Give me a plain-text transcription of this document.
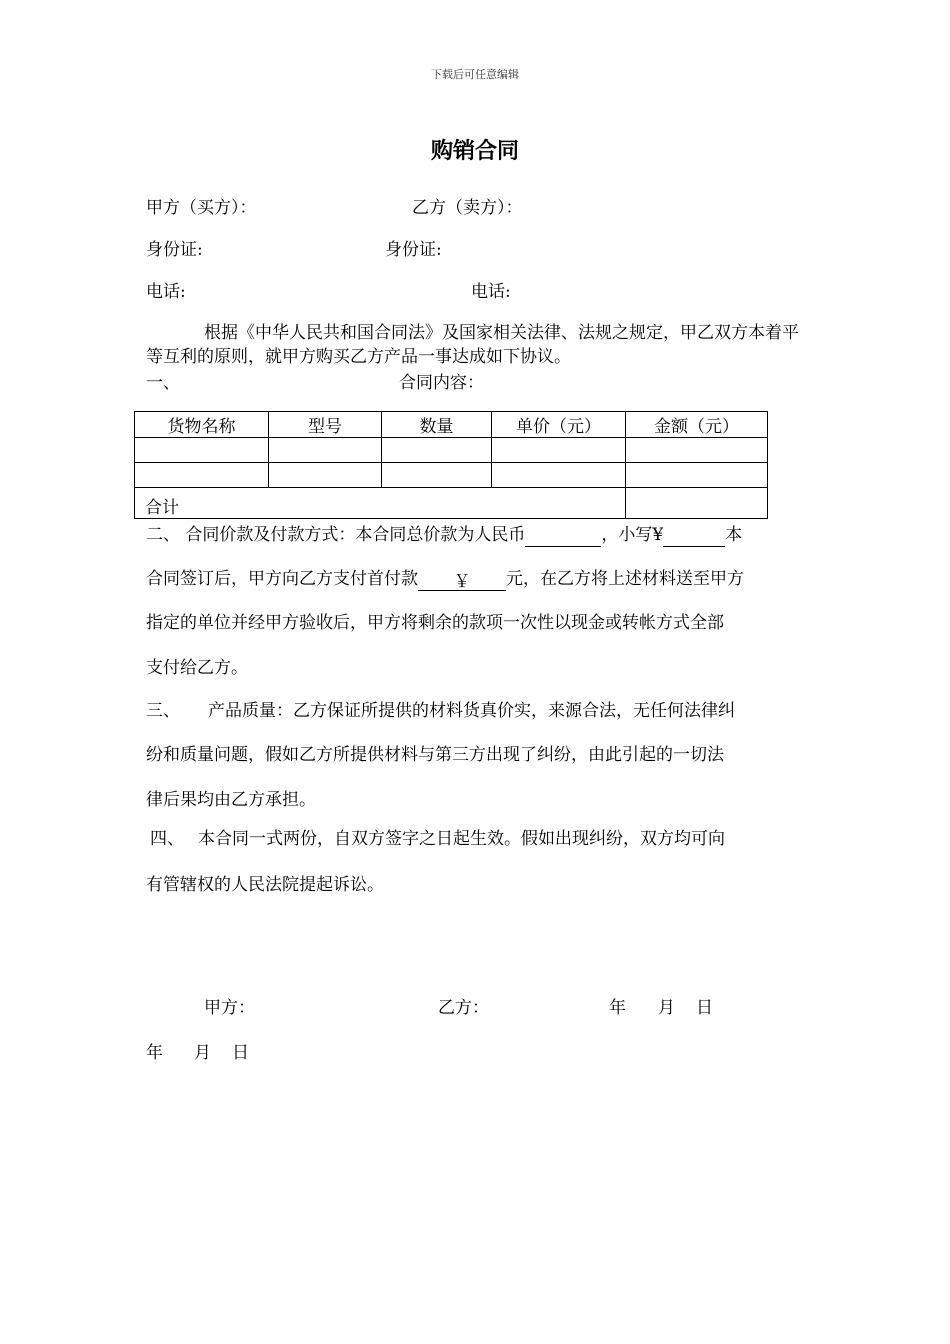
下载后可任意编辑
购销合同
甲方（买方）：	乙方（卖方）：
身份证:	身份证:
电话:	电话:
根据《中华人民共和国合同法》及国家相关法律、法规之规定，甲乙双方本着平等互利的原则，就甲方购买乙方产品一事达成如下协议。
一、	合同内容：
货物名称	型号	数量	单价（元）	金额（元）

合计				
二、 合同价款及付款方式：本合同总价款为人民币	，小写¥	本
合同签订后，甲方向乙方支付首付款 ￥ 元，在乙方将上述材料送至甲方
指定的单位并经甲方验收后，甲方将剩余的款项一次性以现金或转帐方式全部
支付给乙方。
三、 产品质量：乙方保证所提供的材料货真价实，来源合法，无任何法律纠
纷和质量问题，假如乙方所提供材料与第三方出现了纠纷，由此引起的一切法
律后果均由乙方承担。
四、 本合同一式两份，自双方签字之日起生效。假如出现纠纷，双方均可向
有管辖权的人民法院提起诉讼。
甲方：	乙方：	年 月 日
年 月 日
